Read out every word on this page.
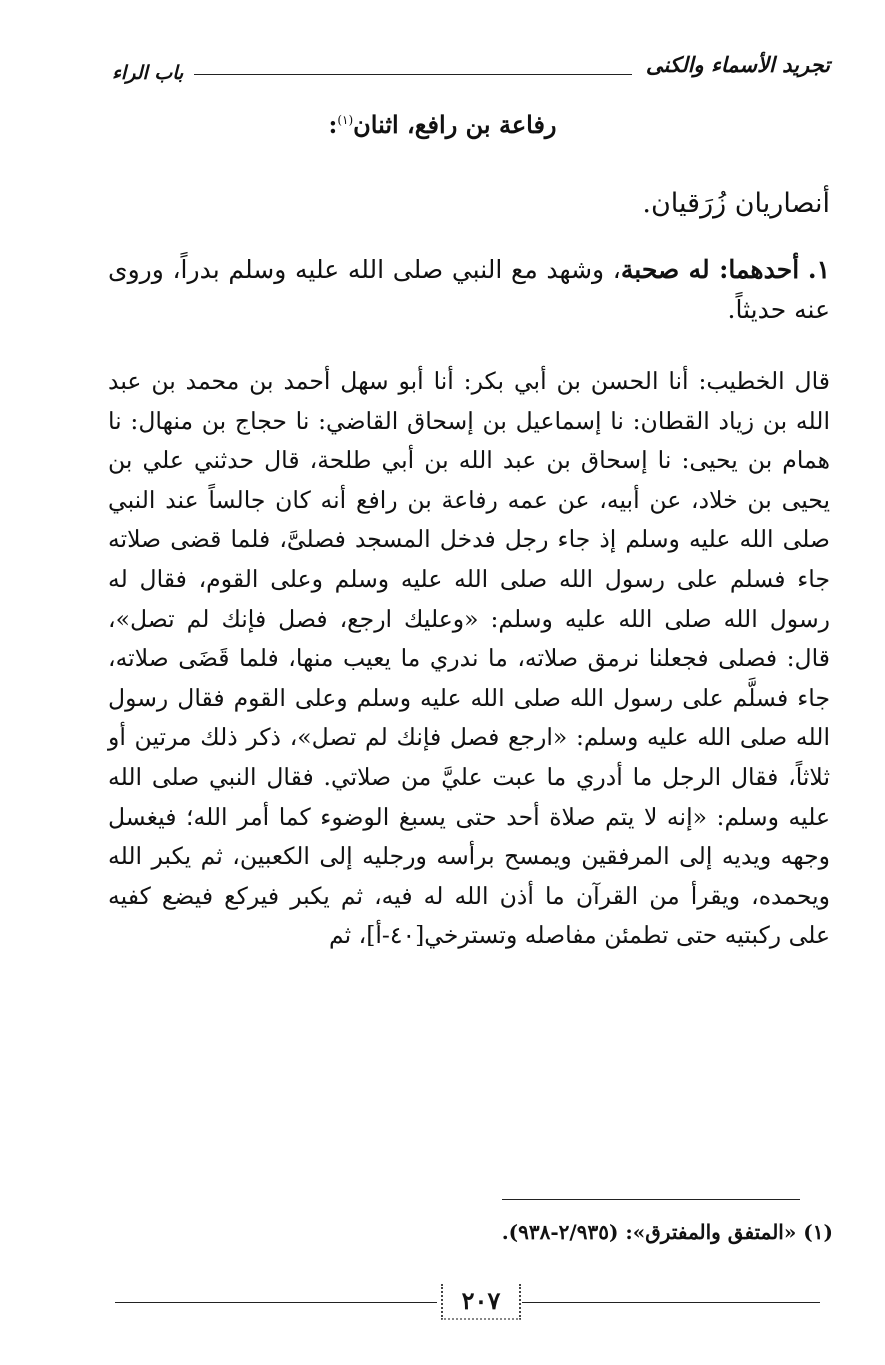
تجريد الأسماء والكنى
باب الراء
رفاعة بن رافع، اثنان$^{(١)}$:
أنصاريان زُرَقيان.
١. أحدهما: له صحبة، وشهد مع النبي صلى الله عليه وسلم بدراً، وروى عنه حديثاً.
قال الخطيب: أنا الحسن بن أبي بكر: أنا أبو سهل أحمد بن محمد بن عبد الله بن زياد القطان: نا إسماعيل بن إسحاق القاضي: نا حجاج بن منهال: نا همام بن يحيى: نا إسحاق بن عبد الله بن أبي طلحة، قال حدثني علي بن يحيى بن خلاد، عن أبيه، عن عمه رفاعة بن رافع أنه كان جالساً عند النبي صلى الله عليه وسلم إذ جاء رجل فدخل المسجد فصلىَّ، فلما قضى صلاته جاء فسلم على رسول الله صلى الله عليه وسلم وعلى القوم، فقال له رسول الله صلى الله عليه وسلم: «وعليك ارجع، فصل فإنك لم تصل»، قال: فصلى فجعلنا نرمق صلاته، ما ندري ما يعيب منها، فلما قَضَى صلاته، جاء فسلَّم على رسول الله صلى الله عليه وسلم وعلى القوم فقال رسول الله صلى الله عليه وسلم: «ارجع فصل فإنك لم تصل»، ذكر ذلك مرتين أو ثلاثاً، فقال الرجل ما أدري ما عبت عليَّ من صلاتي. فقال النبي صلى الله عليه وسلم: «إنه لا يتم صلاة أحد حتى يسبغ الوضوء كما أمر الله؛ فيغسل وجهه ويديه إلى المرفقين ويمسح برأسه ورجليه إلى الكعبين، ثم يكبر الله ويحمده، ويقرأ من القرآن ما أذن الله له فيه، ثم يكبر فيركع فيضع كفيه على ركبتيه حتى تطمئن مفاصله وتسترخي[٤٠-أ]، ثم
(١) «المتفق والمفترق»: (٢/٩٣٥-٩٣٨).
٢٠٧
